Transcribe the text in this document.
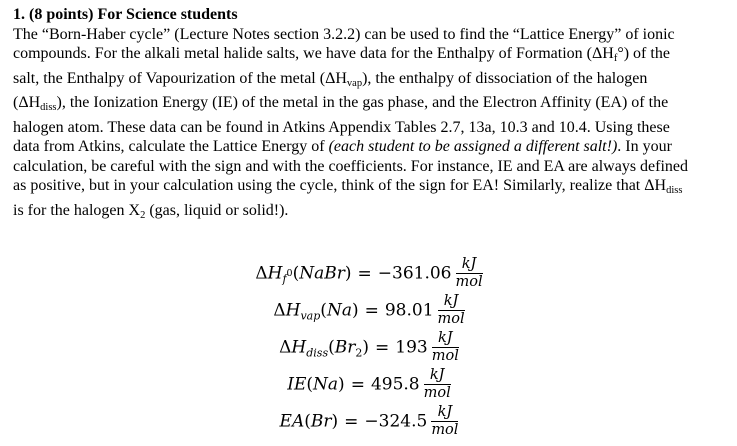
1. (8 points) For Science students
The “Born-Haber cycle” (Lecture Notes section 3.2.2) can be used to find the “Lattice Energy” of ionic
compounds. For the alkali metal halide salts, we have data for the Enthalpy of Formation (ΔHf°) of the
salt, the Enthalpy of Vapourization of the metal (ΔHvap), the enthalpy of dissociation of the halogen
(ΔHdiss), the Ionization Energy (IE) of the metal in the gas phase, and the Electron Affinity (EA) of the
halogen atom. These data can be found in Atkins Appendix Tables 2.7, 13a, 10.3 and 10.4. Using these
data from Atkins, calculate the Lattice Energy of (each student to be assigned a different salt!). In your
calculation, be careful with the sign and with the coefficients. For instance, IE and EA are always defined
as positive, but in your calculation using the cycle, think of the sign for EA! Similarly, realize that ΔHdiss
is for the halogen X2 (gas, liquid or solid!).
$\Delta H_f0(NaBr) = -361.06 \frac{kJ}{\text{mol}}$
$\Delta H_{vap}(Na) = 98.01 \frac{kJ}{\text{mol}}$
$\Delta H_{diss}(Br_2) = 193 \frac{kJ}{\text{mol}}$
$IE(Na) = 495.8 \frac{kJ}{\text{mol}}$
$EA(Br) = -324.5 \frac{kJ}{\text{mol}}$
